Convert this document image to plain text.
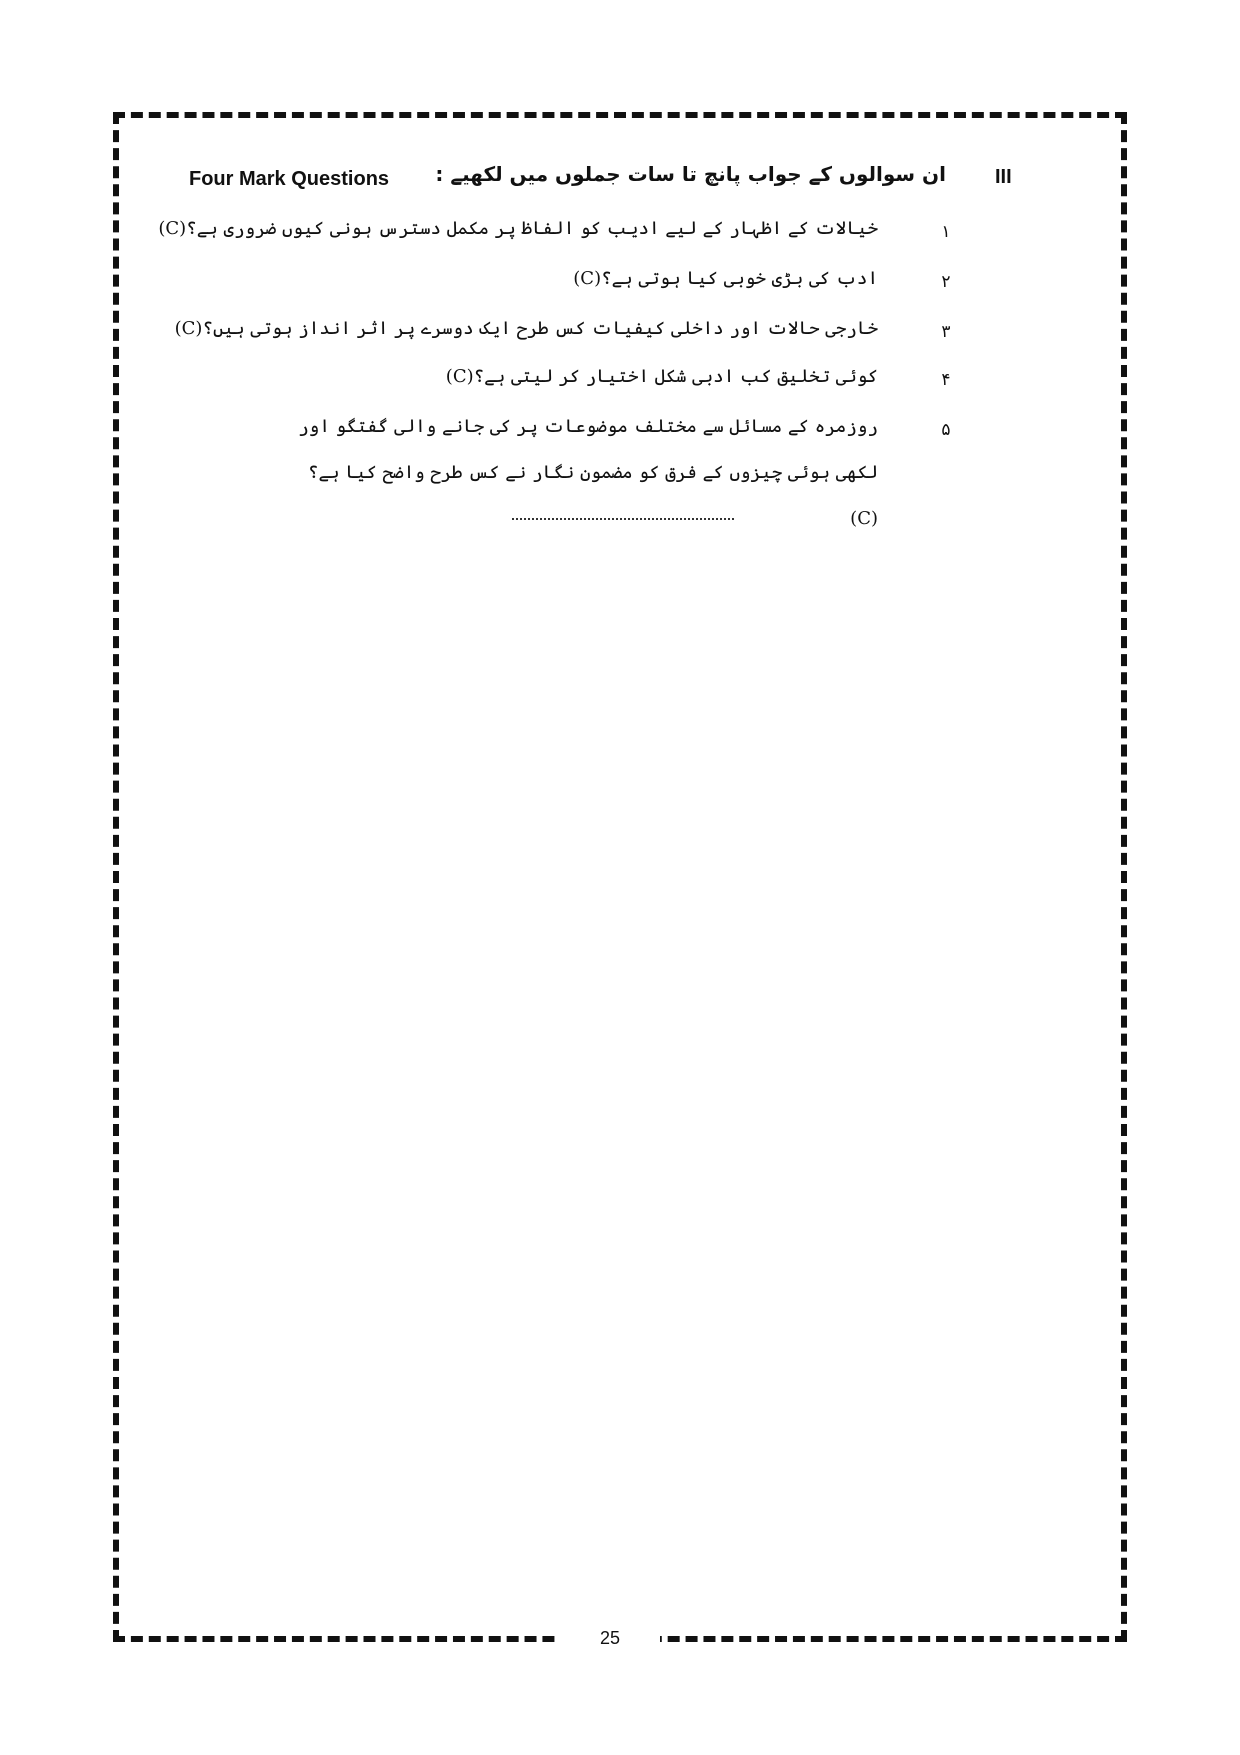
III
ان سوالوں کے جواب پانچ تا سات جملوں میں لکھیے :
Four Mark Questions
۱
خیالات کے اظہار کے لیے ادیب کو الفاظ پر مکمل دسترس ہونی کیوں ضروری ہے؟(C)
۲
ادب کی بڑی خوبی کیا ہوتی ہے؟(C)
۳
خارجی حالات اور داخلی کیفیات کس طرح ایک دوسرے پر اثر انداز ہوتی ہیں؟(C)
۴
کوئی تخلیق کب ادبی شکل اختیار کر لیتی ہے؟(C)
۵
روزمرہ کے مسائل سے مختلف موضوعات پر کی جانے والی گفتگو اور لکھی ہوئی چیزوں کے فرق کو مضمون نگار نے کس طرح واضح کیا ہے؟(C)
25
